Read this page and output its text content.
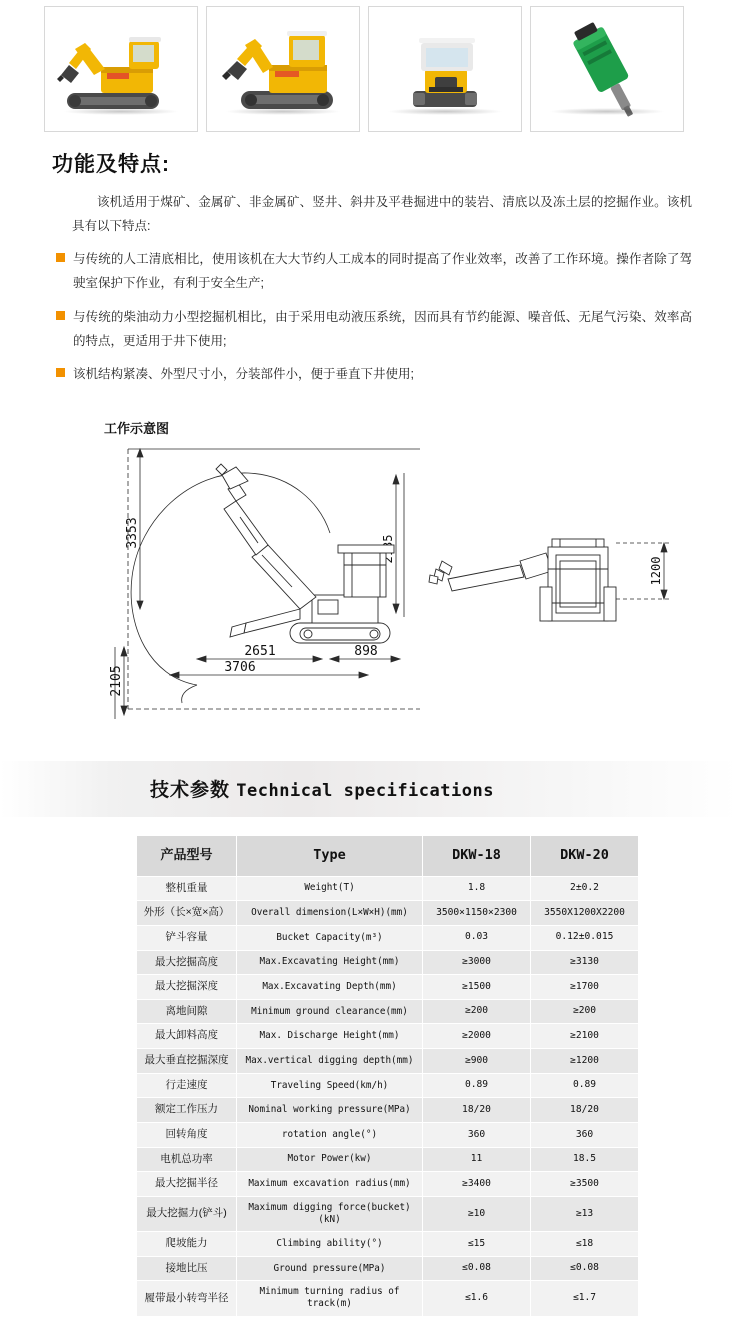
功能及特点:
该机适用于煤矿、金属矿、非金属矿、竖井、斜井及平巷掘进中的装岩、清底以及冻土层的挖掘作业。该机具有以下特点:
与传统的人工清底相比，使用该机在大大节约人工成本的同时提高了作业效率，改善了工作环境。操作者除了驾驶室保护下作业，有利于安全生产;
与传统的柴油动力小型挖掘机相比，由于采用电动液压系统，因而具有节约能源、噪音低、无尾气污染、效率高的特点，更适用于井下使用;
该机结构紧凑、外型尺寸小，分装部件小，便于垂直下井使用;
工作示意图
3353
2105
2651
3706
898
1200
技术参数 Technical specifications
产品型号	Type	DKW-18	DKW-20
整机重量	Weight(T)	1.8	2±0.2
外形（长×宽×高）	Overall dimension(L×W×H)(mm)	3500×1150×2300	3550X1200X2200
铲斗容量	Bucket Capacity(m³)	0.03	0.12±0.015
最大挖掘高度	Max.Excavating Height(mm)	≥3000	≥3130
最大挖掘深度	Max.Excavating Depth(mm)	≥1500	≥1700
离地间隙	Minimum ground clearance(mm)	≥200	≥200
最大卸料高度	Max. Discharge Height(mm)	≥2000	≥2100
最大垂直挖掘深度	Max.vertical digging depth(mm)	≥900	≥1200
行走速度	Traveling Speed(km/h)	0.89	0.89
额定工作压力	Nominal working pressure(MPa)	18/20	18/20
回转角度	rotation angle(°)	360	360
电机总功率	Motor Power(kw)	11	18.5
最大挖掘半径	Maximum excavation radius(mm)	≥3400	≥3500
最大挖掘力(铲斗)	Maximum digging force(bucket)(kN)	≥10	≥13
爬坡能力	Climbing ability(°)	≤15	≤18
接地比压	Ground pressure(MPa)	≤0.08	≤0.08
履带最小转弯半径	Minimum turning radius of track(m)	≤1.6	≤1.7
